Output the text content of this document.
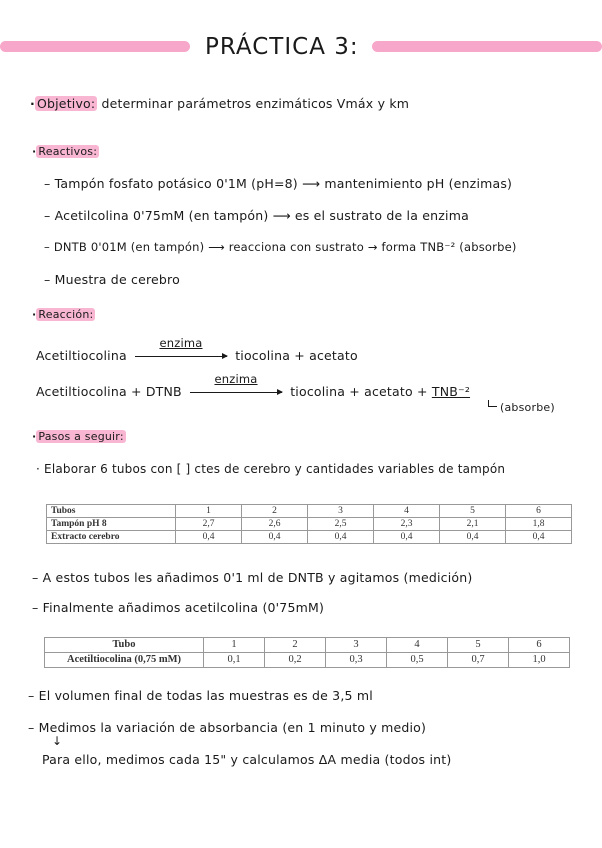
PRÁCTICA 3:
· Objetivo: determinar parámetros enzimáticos Vmáx y km
· Reactivos:
– Tampón fosfato potásico 0'1M (pH=8) ⟶ mantenimiento pH (enzimas)
– Acetilcolina 0'75mM (en tampón) ⟶ es el sustrato de la enzima
– DNTB 0'01M (en tampón) ⟶ reacciona con sustrato → forma TNB⁻² (absorbe)
– Muestra de cerebro
· Reacción:
Acetiltiocolina
enzima
tiocolina + acetato
Acetiltiocolina + DTNB
enzima
tiocolina + acetato + TNB⁻²
(absorbe)
· Pasos a seguir:
· Elaborar 6 tubos con [ ] ctes de cerebro y cantidades variables de tampón
Tubos	1	2	3	4	5	6
Tampón pH 8	2,7	2,6	2,5	2,3	2,1	1,8
Extracto cerebro	0,4	0,4	0,4	0,4	0,4	0,4
– A estos tubos les añadimos 0'1 ml de DNTB y agitamos (medición)
– Finalmente añadimos acetilcolina (0'75mM)
Tubo	1	2	3	4	5	6
Acetiltiocolina (0,75 mM)	0,1	0,2	0,3	0,5	0,7	1,0
– El volumen final de todas las muestras es de 3,5 ml
– Medimos la variación de absorbancia (en 1 minuto y medio)
↓
Para ello, medimos cada 15" y calculamos ΔA media (todos int)
